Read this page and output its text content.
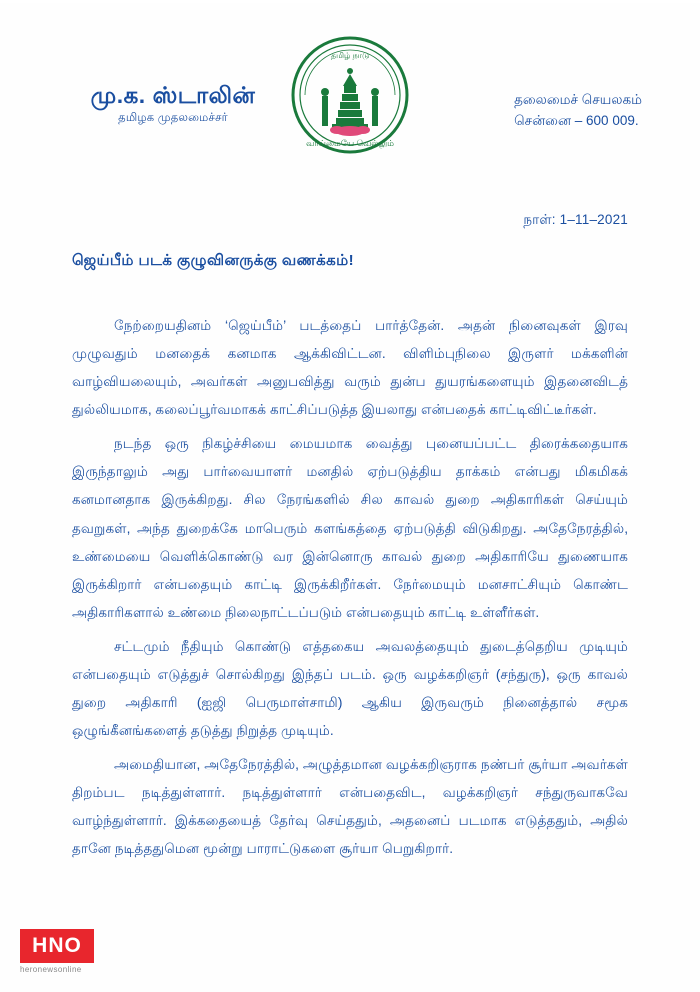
மு.க. ஸ்டாலின்
தமிழக முதலமைச்சர்
தமிழ் நாடு
வாய்மையே வெல்லும்
தலைமைச் செயலகம்
சென்னை – 600 009.
நாள்: 1–11–2021
ஜெய்பீம் படக் குழுவினருக்கு வணக்கம்!

நேற்றையதினம் ‘ஜெய்பீம்’ படத்தைப் பார்த்தேன். அதன் நினைவுகள் இரவு முழுவதும் மனதைக் கனமாக ஆக்கிவிட்டன. விளிம்புநிலை இருளர் மக்களின் வாழ்வியலையும், அவர்கள் அனுபவித்து வரும் துன்ப துயரங்களையும் இதனைவிடத் துல்லியமாக, கலைப்பூர்வமாகக் காட்சிப்படுத்த இயலாது என்பதைக் காட்டிவிட்டீர்கள்.

நடந்த ஒரு நிகழ்ச்சியை மையமாக வைத்து புனையப்பட்ட திரைக்கதையாக இருந்தாலும் அது பார்வையாளர் மனதில் ஏற்படுத்திய தாக்கம் என்பது மிகமிகக் கனமானதாக இருக்கிறது. சில நேரங்களில் சில காவல் துறை அதிகாரிகள் செய்யும் தவறுகள், அந்த துறைக்கே மாபெரும் களங்கத்தை ஏற்படுத்தி விடுகிறது. அதேநேரத்தில், உண்மையை வெளிக்கொண்டு வர இன்னொரு காவல் துறை அதிகாரியே துணையாக இருக்கிறார் என்பதையும் காட்டி இருக்கிறீர்கள். நேர்மையும் மனசாட்சியும் கொண்ட அதிகாரிகளால் உண்மை நிலைநாட்டப்படும் என்பதையும் காட்டி உள்ளீர்கள்.

சட்டமும் நீதியும் கொண்டு எத்தகைய அவலத்தையும் துடைத்தெறிய முடியும் என்பதையும் எடுத்துச் சொல்கிறது இந்தப் படம். ஒரு வழக்கறிஞர் (சந்துரு), ஒரு காவல் துறை அதிகாரி (ஐஜி பெருமாள்சாமி) ஆகிய இருவரும் நினைத்தால் சமூக ஒழுங்கீனங்களைத் தடுத்து நிறுத்த முடியும்.

அமைதியான, அதேநேரத்தில், அழுத்தமான வழக்கறிஞராக நண்பர் சூர்யா அவர்கள் திறம்பட நடித்துள்ளார். நடித்துள்ளார் என்பதைவிட, வழக்கறிஞர் சந்துருவாகவே வாழ்ந்துள்ளார். இக்கதையைத் தேர்வு செய்ததும், அதனைப் படமாக எடுத்ததும், அதில் தானே நடித்ததுமென மூன்று பாராட்டுகளை சூர்யா பெறுகிறார்.

HNO
heronewsonline
